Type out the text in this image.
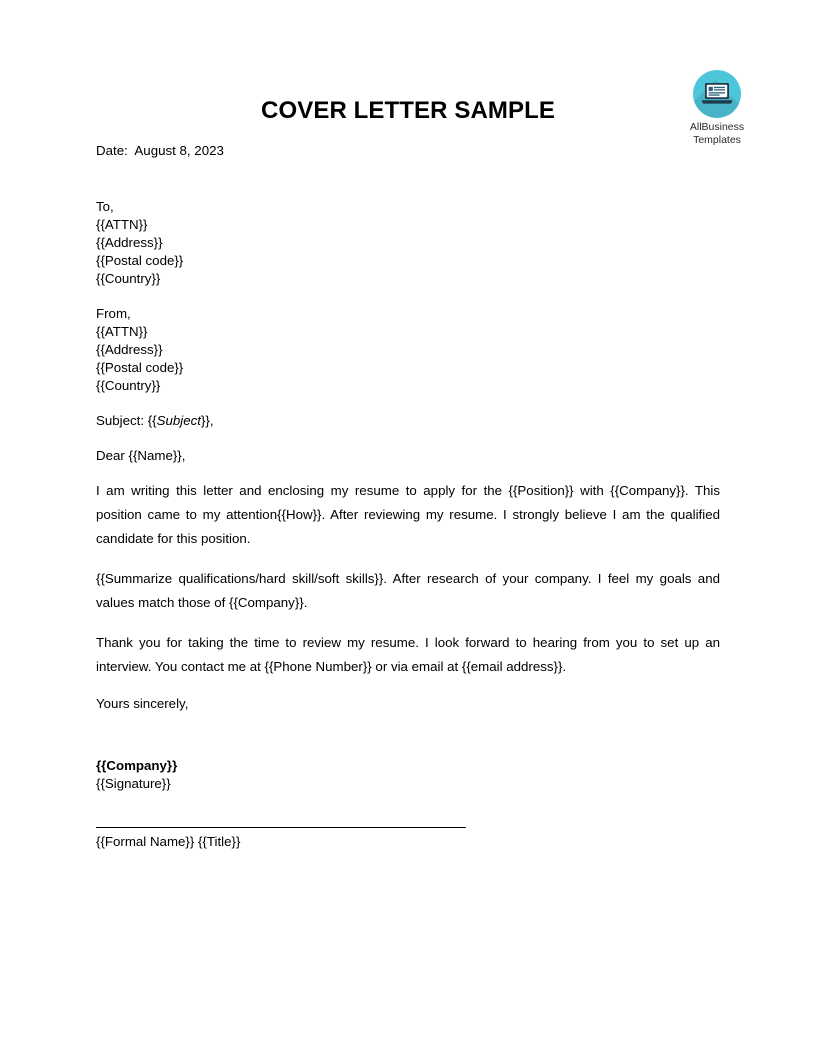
AllBusiness
Templates
COVER LETTER SAMPLE
Date:  August 8, 2023
To,
{{ATTN}}
{{Address}}
{{Postal code}}
{{Country}}
From,
{{ATTN}}
{{Address}}
{{Postal code}}
{{Country}}
Subject: {{Subject}},
Dear {{Name}},

I am writing this letter and enclosing my resume to apply for the {{Position}} with {{Company}}. This position came to my attention{{How}}. After reviewing my resume. I strongly believe I am the qualified candidate for this position.

{{Summarize qualifications/hard skill/soft skills}}. After research of your company. I feel my goals and values match those of {{Company}}.

Thank you for taking the time to review my resume. I look forward to hearing from you to set up an interview. You contact me at {{Phone Number}} or via email at {{email address}}.

Yours sincerely,
{{Company}}
{{Signature}}
{{Formal Name}} {{Title}}
